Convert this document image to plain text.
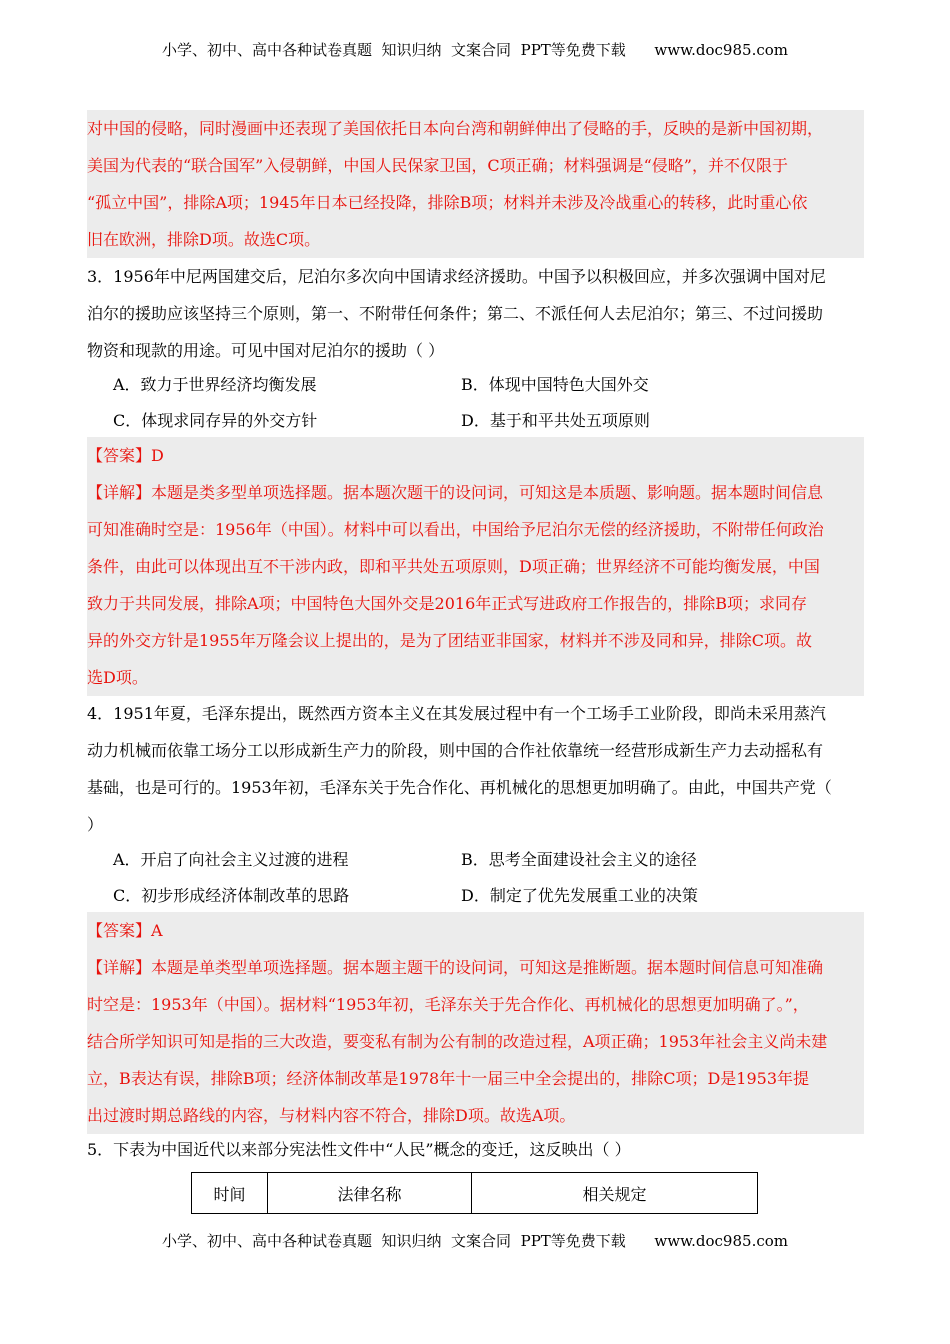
小学、初中、高中各种试卷真题  知识归纳  文案合同  PPT等免费下载      www.doc985.com
对中国的侵略，同时漫画中还表现了美国依托日本向台湾和朝鲜伸出了侵略的手，反映的是新中国初期，
美国为代表的“联合国军”入侵朝鲜，中国人民保家卫国，C项正确；材料强调是“侵略”，并不仅限于
“孤立中国”，排除A项；1945年日本已经投降，排除B项；材料并未涉及冷战重心的转移，此时重心依
旧在欧洲，排除D项。故选C项。
3．1956年中尼两国建交后，尼泊尔多次向中国请求经济援助。中国予以积极回应，并多次强调中国对尼
泊尔的援助应该坚持三个原则，第一、不附带任何条件；第二、不派任何人去尼泊尔；第三、不过问援助
物资和现款的用途。可见中国对尼泊尔的援助（ ）
A．致力于世界经济均衡发展	B．体现中国特色大国外交
C．体现求同存异的外交方针	D．基于和平共处五项原则
【答案】D
【详解】本题是类多型单项选择题。据本题次题干的设问词，可知这是本质题、影响题。据本题时间信息
可知准确时空是：1956年（中国）。材料中可以看出，中国给予尼泊尔无偿的经济援助，不附带任何政治
条件，由此可以体现出互不干涉内政，即和平共处五项原则，D项正确；世界经济不可能均衡发展，中国
致力于共同发展，排除A项；中国特色大国外交是2016年正式写进政府工作报告的，排除B项；求同存
异的外交方针是1955年万隆会议上提出的，是为了团结亚非国家，材料并不涉及同和异，排除C项。故
选D项。
4．1951年夏，毛泽东提出，既然西方资本主义在其发展过程中有一个工场手工业阶段，即尚未采用蒸汽
动力机械而依靠工场分工以形成新生产力的阶段，则中国的合作社依靠统一经营形成新生产力去动摇私有
基础，也是可行的。1953年初，毛泽东关于先合作化、再机械化的思想更加明确了。由此，中国共产党（
）
A．开启了向社会主义过渡的进程	B．思考全面建设社会主义的途径
C．初步形成经济体制改革的思路	D．制定了优先发展重工业的决策
【答案】A
【详解】本题是单类型单项选择题。据本题主题干的设问词，可知这是推断题。据本题时间信息可知准确
时空是：1953年（中国）。据材料“1953年初，毛泽东关于先合作化、再机械化的思想更加明确了。”，
结合所学知识可知是指的三大改造，要变私有制为公有制的改造过程，A项正确；1953年社会主义尚未建
立，B表达有误，排除B项；经济体制改革是1978年十一届三中全会提出的，排除C项；D是1953年提
出过渡时期总路线的内容，与材料内容不符合，排除D项。故选A项。
5．下表为中国近代以来部分宪法性文件中“人民”概念的变迁，这反映出（ ）
时间	法律名称	相关规定
小学、初中、高中各种试卷真题  知识归纳  文案合同  PPT等免费下载      www.doc985.com
